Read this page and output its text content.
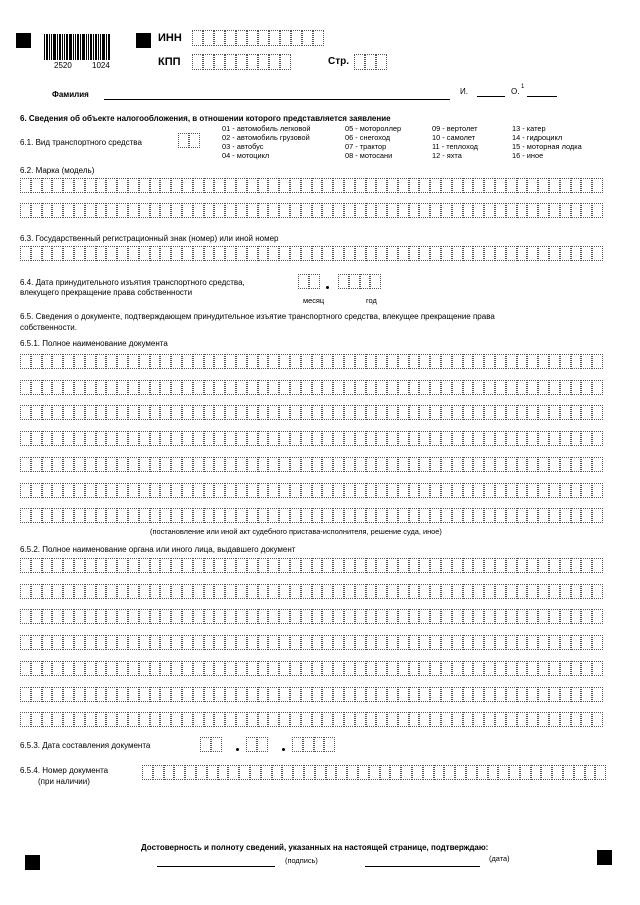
2520	1024
ИНН
КПП	Стр.
Фамилия	И.	О. 1
6. Сведения об объекте налогообложения, в отношении которого представляется заявление
6.1. Вид транспортного средства
01 - автомобиль легковой
02 - автомобиль грузовой
03 - автобус
04 - мотоцикл
05 - мотороллер
06 - снегоход
07 - трактор
08 - мотосани
09 - вертолет
10 - самолет
11 - теплоход
12 - яхта
13 - катер
14 - гидроцикл
15 - моторная лодка
16 - иное
6.2. Марка (модель)
6.3. Государственный регистрационный знак (номер) или иной номер
6.4. Дата принудительного изъятия транспортного средства,
влекущего прекращение права собственности
месяц	год
6.5. Сведения о документе, подтверждающем принудительное изъятие транспортного средства, влекущее прекращение права
собственности.
6.5.1. Полное наименование документа
(постановление или иной акт судебного пристава-исполнителя, решение суда, иное)
6.5.2. Полное наименование органа или иного лица, выдавшего документ
6.5.3. Дата составления документа
6.5.4. Номер документа
(при наличии)
Достоверность и полноту сведений, указанных на настоящей странице, подтверждаю:
(подпись)	(дата)
